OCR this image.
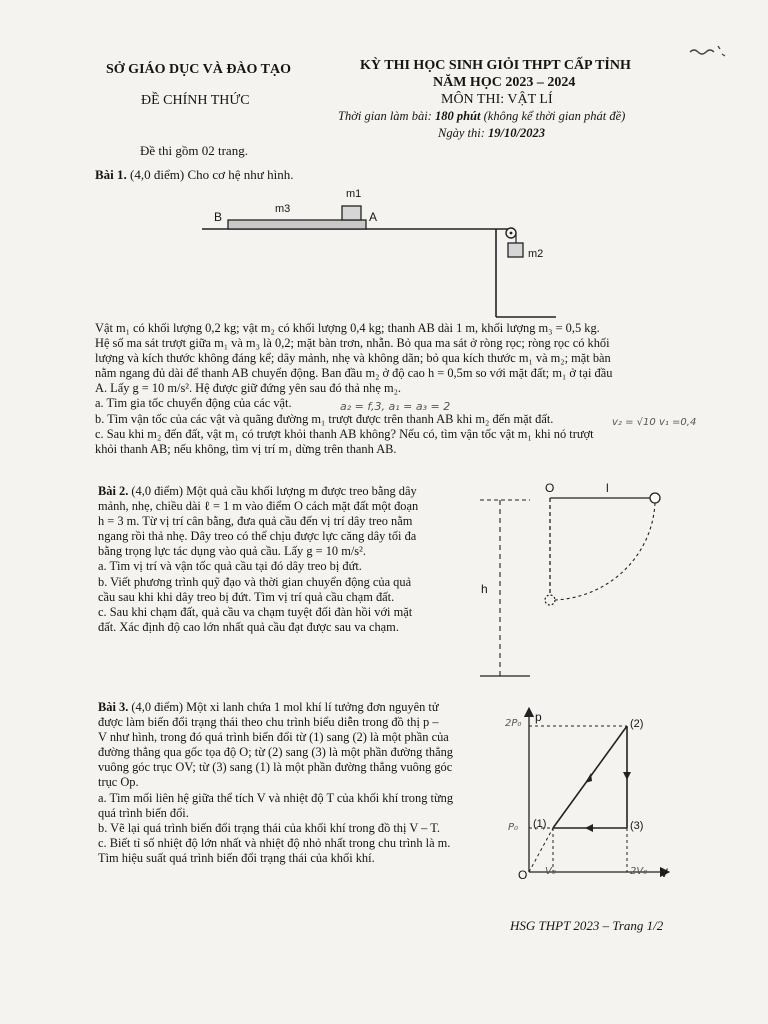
SỞ GIÁO DỤC VÀ ĐÀO TẠO
ĐỀ CHÍNH THỨC
KỲ THI HỌC SINH GIỎI THPT CẤP TỈNH
NĂM HỌC 2023 – 2024
MÔN THI: VẬT LÍ
Thời gian làm bài: 180 phút (không kể thời gian phát đề)
Ngày thi: 19/10/2023
Đề thi gồm 02 trang.
Bài 1. (4,0 điểm) Cho cơ hệ như hình.
B	A
m3
m1
m2
Vật m₁ có khối lượng 0,2 kg; vật m₂ có khối lượng 0,4 kg; thanh AB dài 1 m, khối lượng m₃ = 0,5 kg.
Hệ số ma sát trượt giữa m₁ và m₃ là 0,2; mặt bàn trơn, nhẵn. Bỏ qua ma sát ở ròng rọc; ròng rọc có khối
lượng và kích thước không đáng kể; dây mảnh, nhẹ và không dãn; bỏ qua kích thước m₁ và m₂; mặt bàn
nằm ngang đủ dài để thanh AB chuyển động. Ban đầu m₂ ở độ cao h = 0,5m so với mặt đất; m₁ ở tại đầu
A. Lấy g = 10 m/s². Hệ được giữ đứng yên sau đó thả nhẹ m₂.
a. Tìm gia tốc chuyển động của các vật.
b. Tìm vận tốc của các vật và quãng đường m₁ trượt được trên thanh AB khi m₂ đến mặt đất.
c. Sau khi m₂ đến đất, vật m₁ có trượt khỏi thanh AB không? Nếu có, tìm vận tốc vật m₁ khi nó trượt
khỏi thanh AB; nếu không, tìm vị trí m₁ dừng trên thanh AB.
a₂ = f,3, a₁ = a₃ = 2
v₂ = √10 v₁ =0,4
Bài 2. (4,0 điểm) Một quả cầu khối lượng m được treo bằng dây
mảnh, nhẹ, chiều dài ℓ = 1 m vào điểm O cách mặt đất một đoạn
h = 3 m. Từ vị trí cân bằng, đưa quả cầu đến vị trí dây treo nằm
ngang rồi thả nhẹ. Dây treo có thể chịu được lực căng dây tối đa
bằng trọng lực tác dụng vào quả cầu. Lấy g = 10 m/s².
a. Tìm vị trí và vận tốc quả cầu tại đó dây treo bị đứt.
b. Viết phương trình quỹ đạo và thời gian chuyển động của quả
cầu sau khi khi dây treo bị đứt. Tìm vị trí quả cầu chạm đất.
c. Sau khi chạm đất, quả cầu va chạm tuyệt đối đàn hồi với mặt
đất. Xác định độ cao lớn nhất quả cầu đạt được sau va chạm.
O	l
h
Bài 3. (4,0 điểm) Một xi lanh chứa 1 mol khí lí tưởng đơn nguyên tử
được làm biến đổi trạng thái theo chu trình biểu diễn trong đồ thị p –
V như hình, trong đó quá trình biến đổi từ (1) sang (2) là một phần của
đường thẳng qua gốc tọa độ O; từ (2) sang (3) là một phần đường thẳng
vuông góc trục OV; từ (3) sang (1) là một phần đường thẳng vuông góc
trục Op.
a. Tìm mối liên hệ giữa thể tích V và nhiệt độ T của khối khí trong từng
quá trình biến đổi.
b. Vẽ lại quá trình biến đổi trạng thái của khối khí trong đồ thị V – T.
c. Biết tỉ số nhiệt độ lớn nhất và nhiệt độ nhỏ nhất trong chu trình là m.
Tìm hiệu suất quá trình biến đổi trạng thái của khối khí.
p
V
O
(2)
(1)	(3)
2P₀
P₀
V₀	2V₀
HSG THPT 2023 – Trang 1/2
